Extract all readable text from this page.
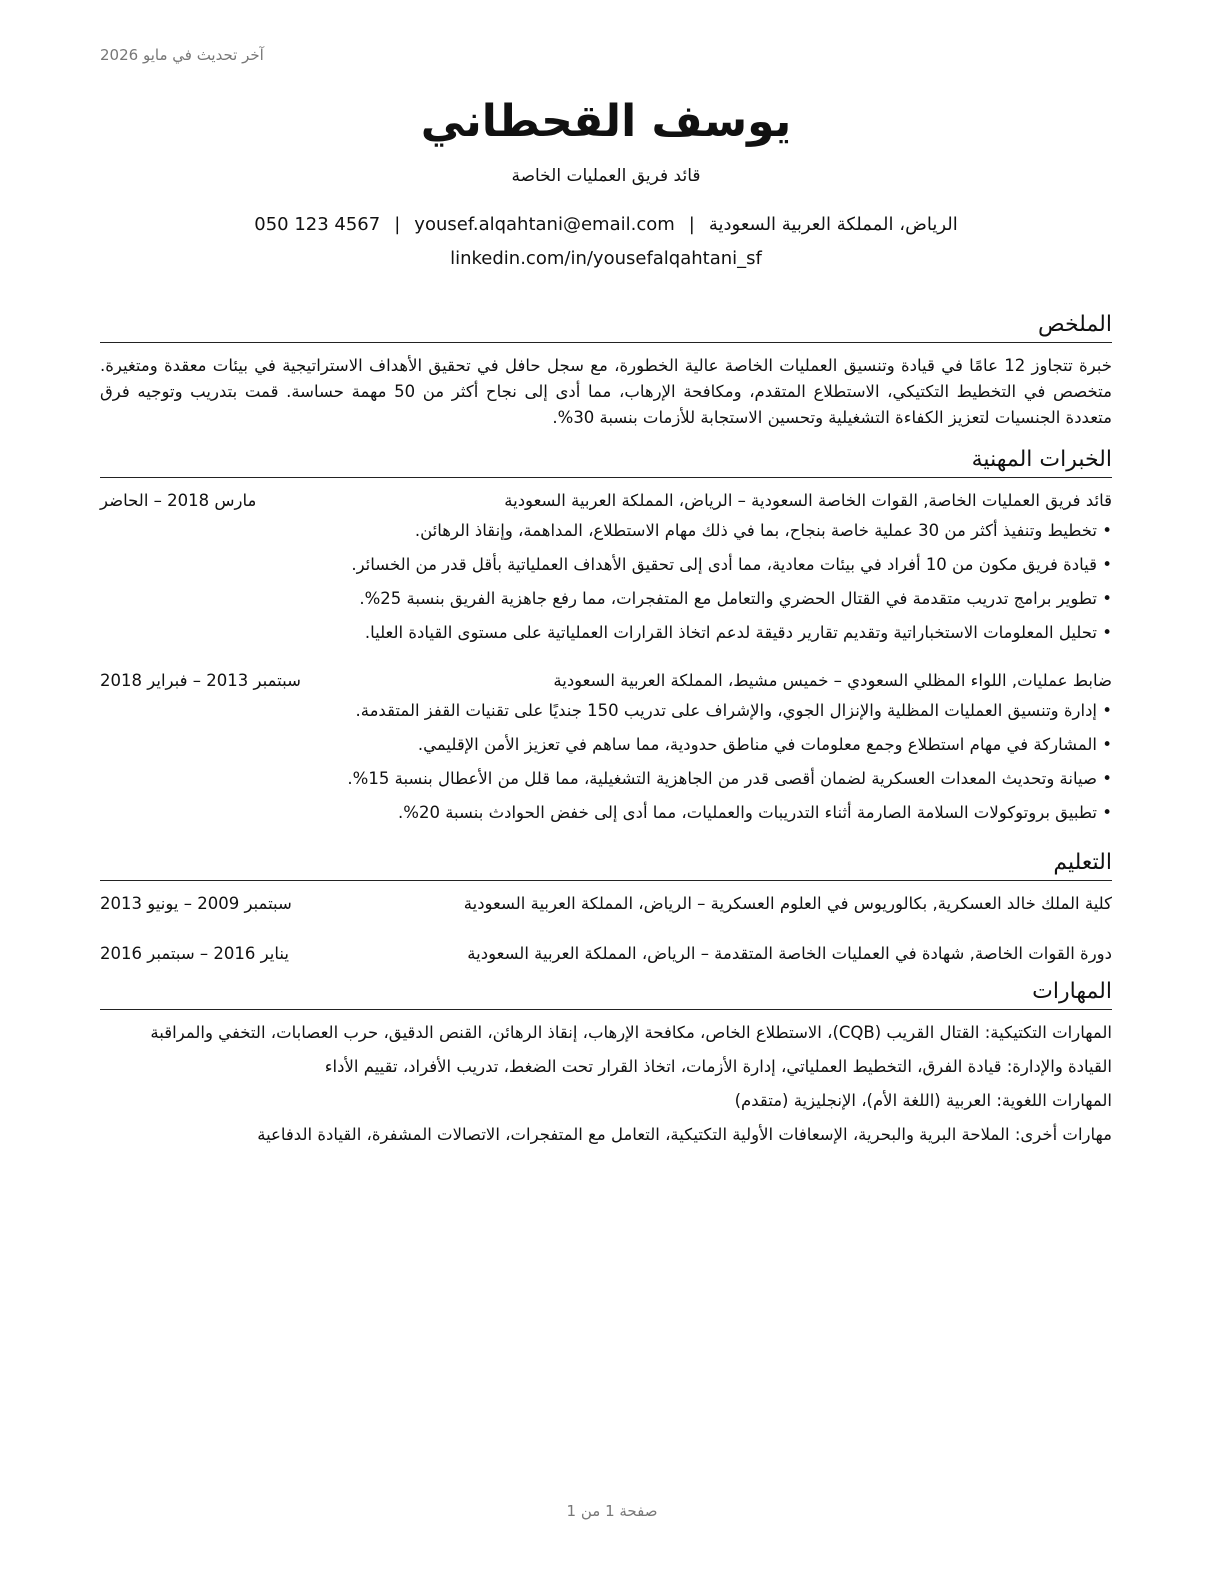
آخر تحديث في مايو 2026
يوسف القحطاني
قائد فريق العمليات الخاصة
الرياض، المملكة العربية السعودية|yousef.alqahtani@email.com|050 123 4567
linkedin.com/in/yousefalqahtani_sf
الملخص

خبرة تتجاوز 12 عامًا في قيادة وتنسيق العمليات الخاصة عالية الخطورة، مع سجل حافل في تحقيق الأهداف الاستراتيجية في بيئات معقدة ومتغيرة. متخصص في التخطيط التكتيكي، الاستطلاع المتقدم، ومكافحة الإرهاب، مما أدى إلى نجاح أكثر من 50 مهمة حساسة. قمت بتدريب وتوجيه فرق متعددة الجنسيات لتعزيز الكفاءة التشغيلية وتحسين الاستجابة للأزمات بنسبة 30%.

الخبرات المهنية
قائد فريق العمليات الخاصة, القوات الخاصة السعودية – الرياض، المملكة العربية السعودية
مارس 2018 – الحاضر
• تخطيط وتنفيذ أكثر من 30 عملية خاصة بنجاح، بما في ذلك مهام الاستطلاع، المداهمة، وإنقاذ الرهائن.
• قيادة فريق مكون من 10 أفراد في بيئات معادية، مما أدى إلى تحقيق الأهداف العملياتية بأقل قدر من الخسائر.
• تطوير برامج تدريب متقدمة في القتال الحضري والتعامل مع المتفجرات، مما رفع جاهزية الفريق بنسبة 25%.
• تحليل المعلومات الاستخباراتية وتقديم تقارير دقيقة لدعم اتخاذ القرارات العملياتية على مستوى القيادة العليا.
ضابط عمليات, اللواء المظلي السعودي – خميس مشيط، المملكة العربية السعودية
سبتمبر 2013 – فبراير 2018
• إدارة وتنسيق العمليات المظلية والإنزال الجوي، والإشراف على تدريب 150 جنديًا على تقنيات القفز المتقدمة.
• المشاركة في مهام استطلاع وجمع معلومات في مناطق حدودية، مما ساهم في تعزيز الأمن الإقليمي.
• صيانة وتحديث المعدات العسكرية لضمان أقصى قدر من الجاهزية التشغيلية، مما قلل من الأعطال بنسبة 15%.
• تطبيق بروتوكولات السلامة الصارمة أثناء التدريبات والعمليات، مما أدى إلى خفض الحوادث بنسبة 20%.
التعليم
كلية الملك خالد العسكرية, بكالوريوس في العلوم العسكرية – الرياض، المملكة العربية السعودية
سبتمبر 2009 – يونيو 2013
دورة القوات الخاصة, شهادة في العمليات الخاصة المتقدمة – الرياض، المملكة العربية السعودية
يناير 2016 – سبتمبر 2016
المهارات
المهارات التكتيكية: القتال القريب (CQB)، الاستطلاع الخاص، مكافحة الإرهاب، إنقاذ الرهائن، القنص الدقيق، حرب العصابات، التخفي والمراقبة
القيادة والإدارة: قيادة الفرق، التخطيط العملياتي، إدارة الأزمات، اتخاذ القرار تحت الضغط، تدريب الأفراد، تقييم الأداء
المهارات اللغوية: العربية (اللغة الأم)، الإنجليزية (متقدم)
مهارات أخرى: الملاحة البرية والبحرية، الإسعافات الأولية التكتيكية، التعامل مع المتفجرات، الاتصالات المشفرة، القيادة الدفاعية
صفحة 1 من 1
